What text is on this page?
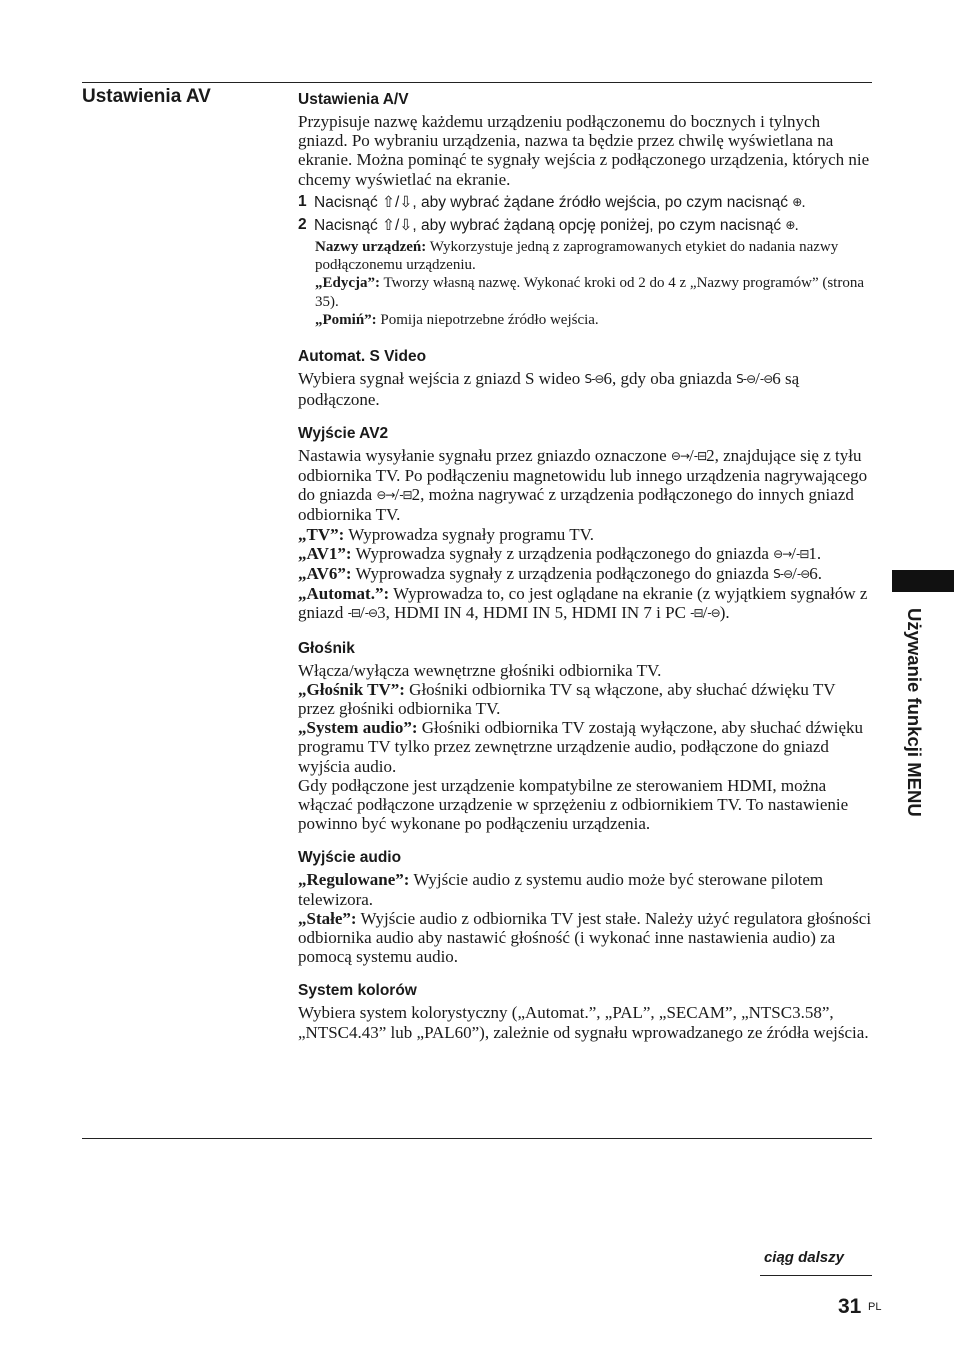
Ustawienia AV	Ustawienia A/V

Przypisuje nazwę każdemu urządzeniu podłączonemu do bocznych i tylnych gniazd. Po wybraniu urządzenia, nazwa ta będzie przez chwilę wyświetlana na ekranie. Można pominąć te sygnały wejścia z podłączonego urządzenia, których nie chcemy wyświetlać na ekranie.

1 Nacisnąć ⇧/⇩, aby wybrać żądane źródło wejścia, po czym nacisnąć ⊕.
2 Nacisnąć ⇧/⇩, aby wybrać żądaną opcję poniżej, po czym nacisnąć ⊕.

Nazwy urządzeń: Wykorzystuje jedną z zaprogramowanych etykiet do nadania nazwy podłączonemu urządzeniu.

„Edycja”: Tworzy własną nazwę. Wykonać kroki od 2 do 4 z „Nazwy programów” (strona 35).

„Pomiń”: Pomija niepotrzebne źródło wejścia.

Automat. S Video

Wybiera sygnał wejścia z gniazd S wideo S-⊖6, gdy oba gniazda S-⊖/-⊖6 są podłączone.

Wyjście AV2

Nastawia wysyłanie sygnału przez gniazdo oznaczone ⊖→/-⊟2, znajdujące się z tyłu odbiornika TV. Po podłączeniu magnetowidu lub innego urządzenia nagrywającego do gniazda ⊖→/-⊟2, można nagrywać z urządzenia podłączonego do innych gniazd odbiornika TV.

„TV”: Wyprowadza sygnały programu TV.

„AV1”: Wyprowadza sygnały z urządzenia podłączonego do gniazda ⊖→/-⊟1.

„AV6”: Wyprowadza sygnały z urządzenia podłączonego do gniazda S-⊖/-⊖6.

„Automat.”: Wyprowadza to, co jest oglądane na ekranie (z wyjątkiem sygnałów z gniazd -⊟/-⊖3, HDMI IN 4, HDMI IN 5, HDMI IN 7 i PC -⊟/-⊖).

Głośnik

Włącza/wyłącza wewnętrzne głośniki odbiornika TV.

„Głośnik TV”: Głośniki odbiornika TV są włączone, aby słuchać dźwięku TV przez głośniki odbiornika TV.

„System audio”: Głośniki odbiornika TV zostają wyłączone, aby słuchać dźwięku programu TV tylko przez zewnętrzne urządzenie audio, podłączone do gniazd wyjścia audio.

Gdy podłączone jest urządzenie kompatybilne ze sterowaniem HDMI, można włączać podłączone urządzenie w sprzężeniu z odbiornikiem TV. To nastawienie powinno być wykonane po podłączeniu urządzenia.

Wyjście audio

„Regulowane”: Wyjście audio z systemu audio może być sterowane pilotem telewizora.

„Stałe”: Wyjście audio z odbiornika TV jest stałe. Należy użyć regulatora głośności odbiornika audio aby nastawić głośność (i wykonać inne nastawienia audio) za pomocą systemu audio.

System kolorów

Wybiera system kolorystyczny („Automat.”, „PAL”, „SECAM”, „NTSC3.58”, „NTSC4.43” lub „PAL60”), zależnie od sygnału wprowadzanego ze źródła wejścia.

Używanie funkcji MENU
ciąg dalszy
31 PL
